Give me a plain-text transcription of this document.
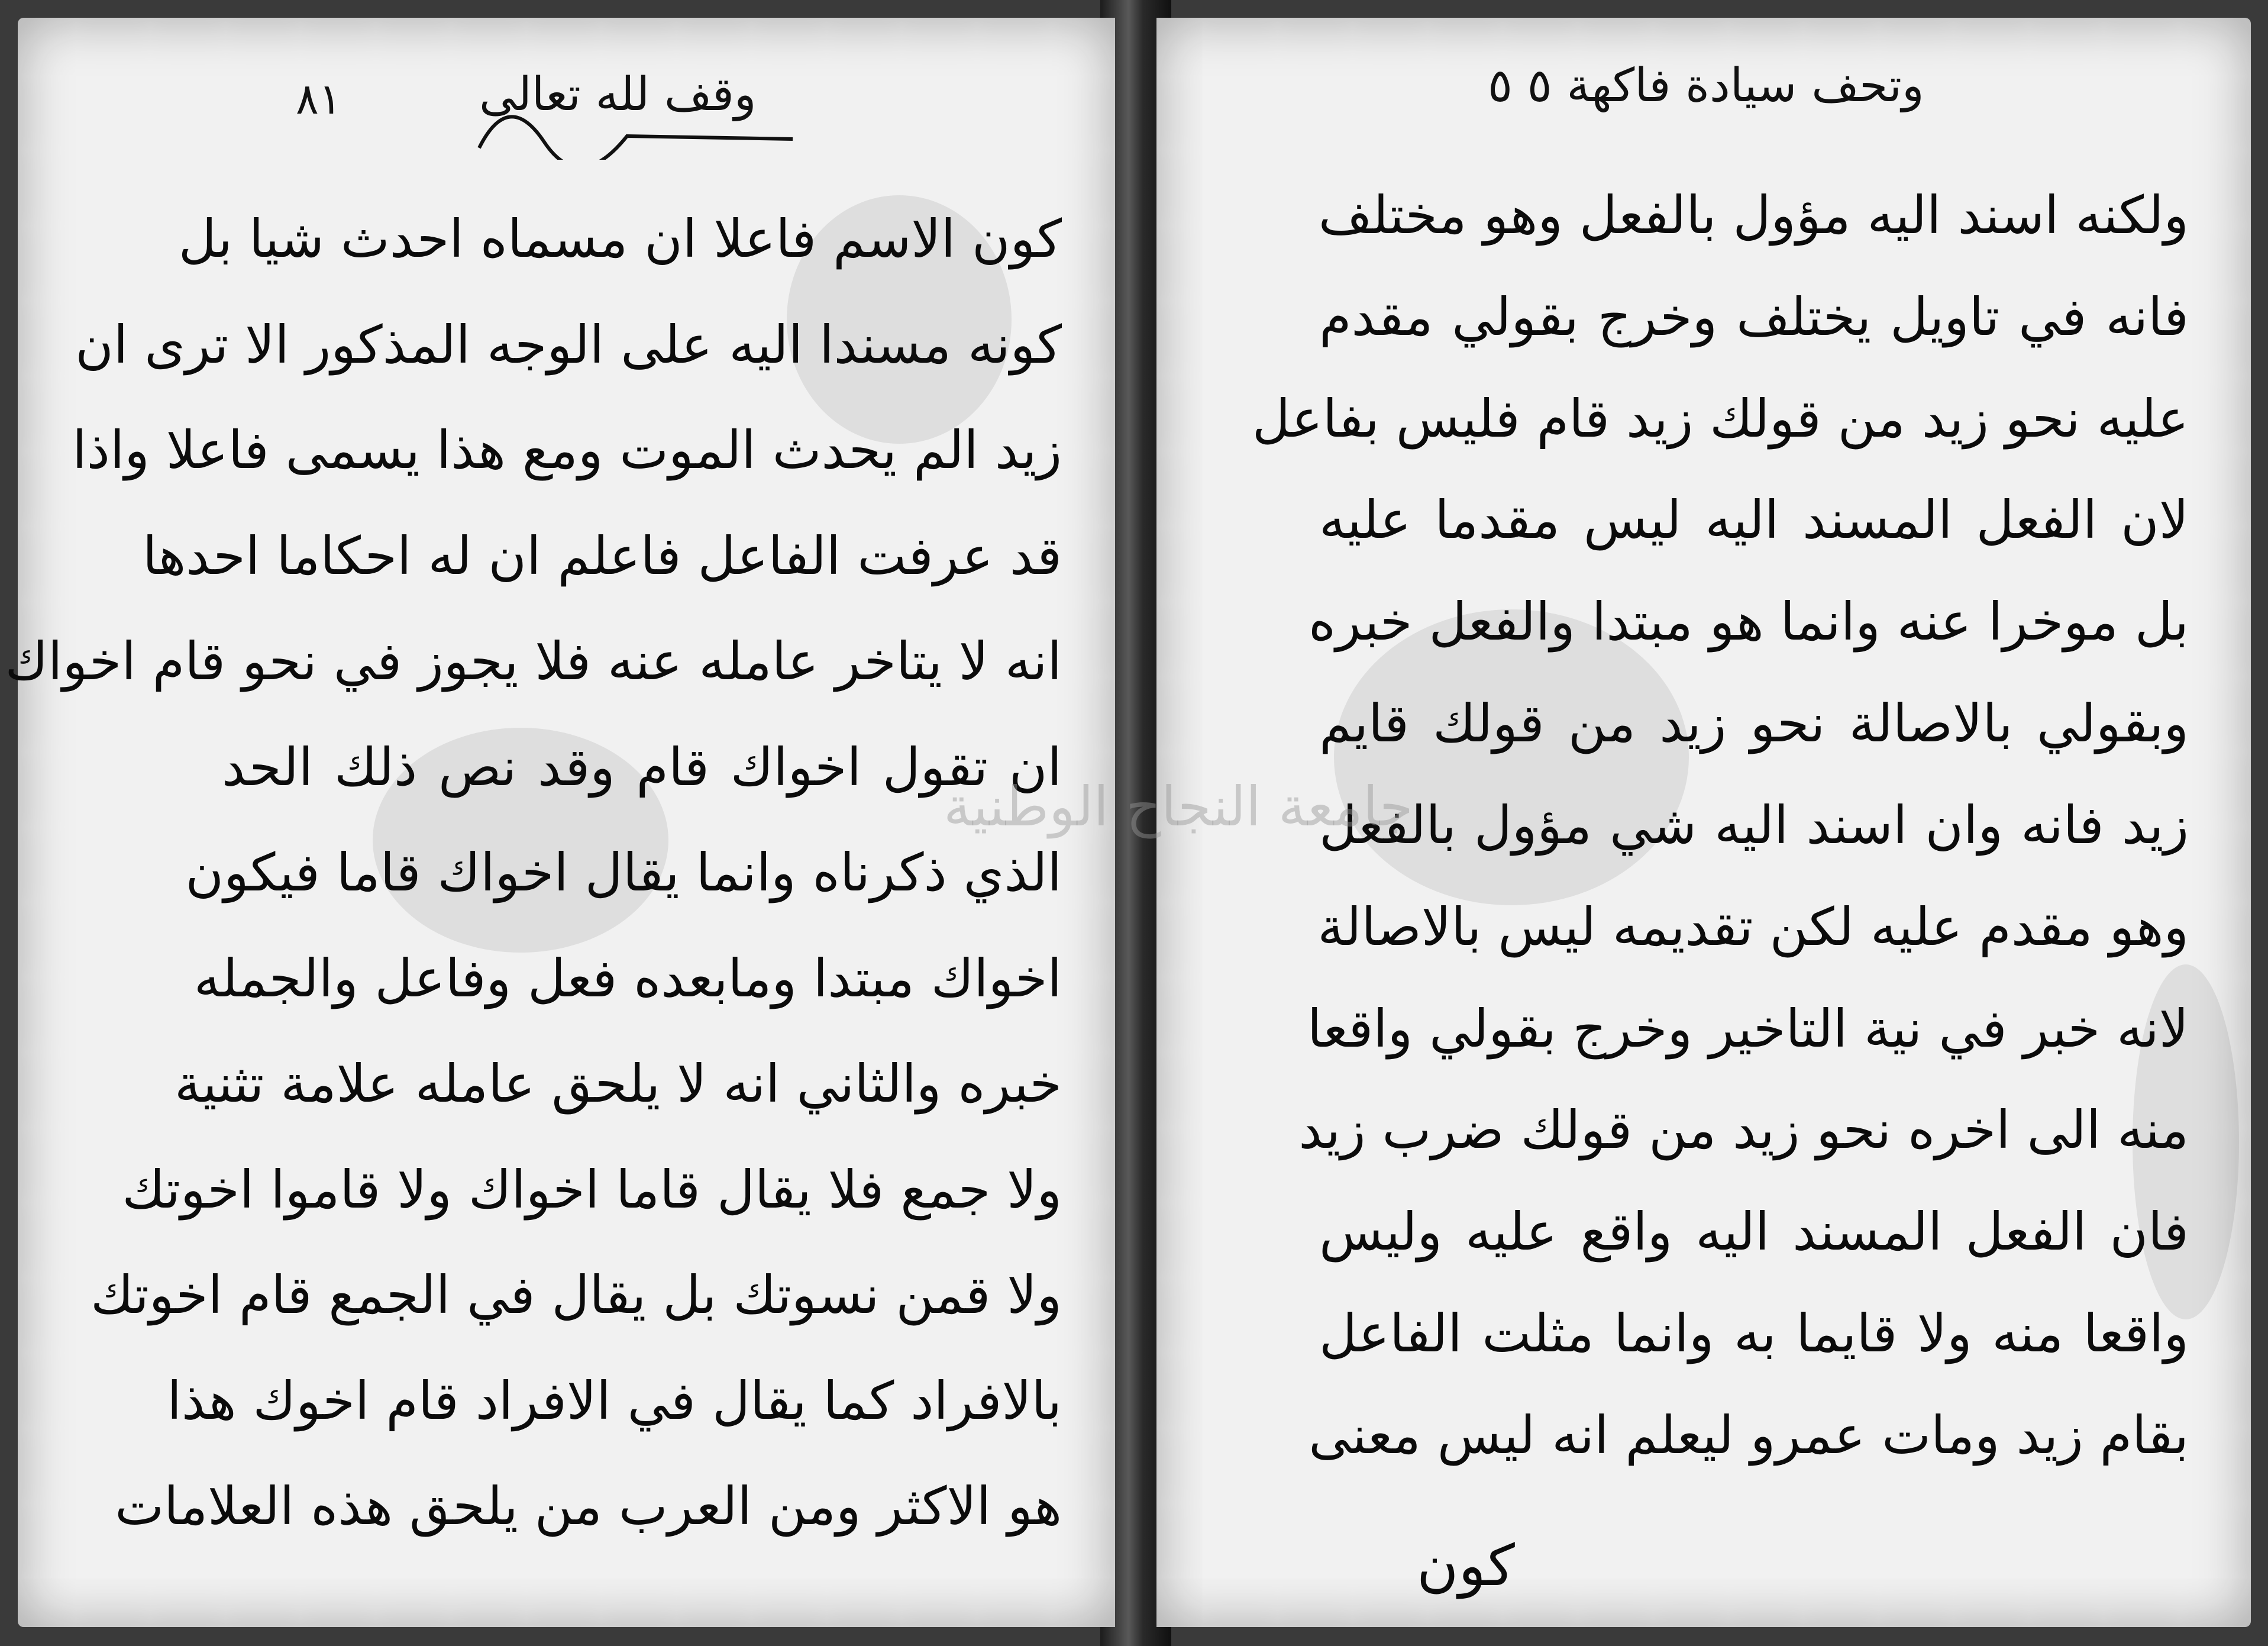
٨١	وقف لله تعالى
كون الاسم فاعلا ان مسماه احدث شيا بل
كونه مسندا اليه على الوجه المذكور الا ترى ان
زيد الم يحدث الموت ومع هذا يسمى فاعلا واذا
قد عرفت الفاعل فاعلم ان له احكاما احدها
انه لا يتاخر عامله عنه فلا يجوز في نحو قام اخواك
ان تقول اخواك قام وقد نص ذلك الحد
الذي ذكرناه وانما يقال اخواك قاما فيكون
اخواك مبتدا ومابعده فعل وفاعل والجمله
خبره والثاني انه لا يلحق عامله علامة تثنية
ولا جمع فلا يقال قاما اخواك ولا قاموا اخوتك
ولا قمن نسوتك بل يقال في الجمع قام اخوتك
بالافراد كما يقال في الافراد قام اخوك هذا
هو الاكثر ومن العرب من يلحق هذه العلامات
وتحف سيادة فاكهة ٥ ٥
ولكنه اسند اليه مؤول بالفعل وهو مختلف
فانه في تاويل يختلف وخرج بقولي مقدم
عليه نحو زيد من قولك زيد قام فليس بفاعل
لان الفعل المسند اليه ليس مقدما عليه
بل موخرا عنه وانما هو مبتدا والفعل خبره
وبقولي بالاصالة نحو زيد من قولك قايم
زيد فانه وان اسند اليه شي مؤول بالفعل
وهو مقدم عليه لكن تقديمه ليس بالاصالة
لانه خبر في نية التاخير وخرج بقولي واقعا
منه الى اخره نحو زيد من قولك ضرب زيد
فان الفعل المسند اليه واقع عليه وليس
واقعا منه ولا قايما به وانما مثلت الفاعل
بقام زيد ومات عمرو ليعلم انه ليس معنى
كون
جامعة النجاح الوطنية
